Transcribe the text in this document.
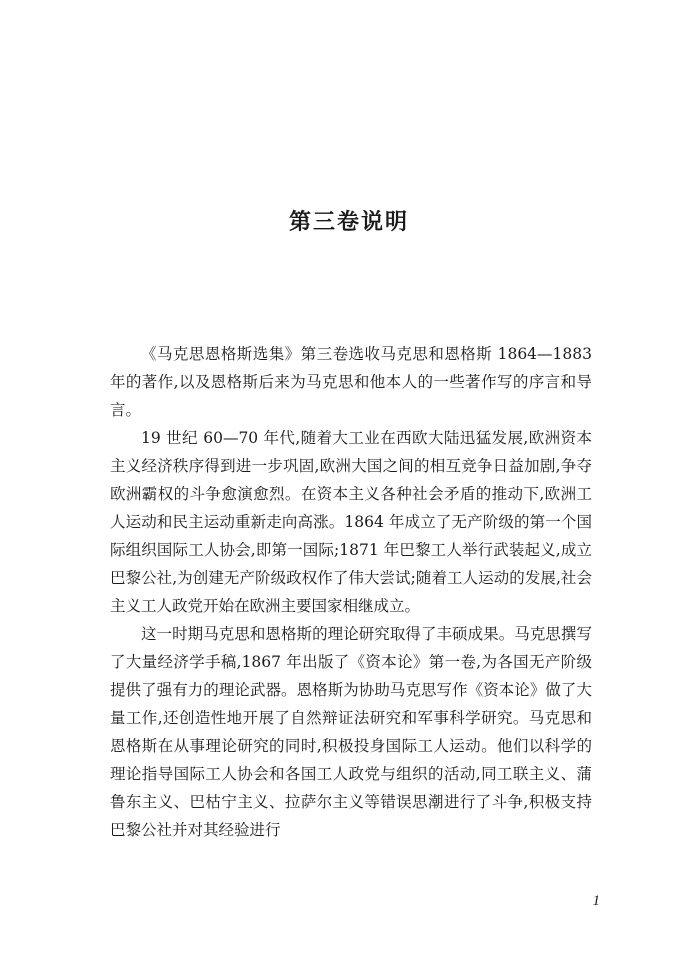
第三卷说明

《马克思恩格斯选集》第三卷选收马克思和恩格斯 1864—1883 年的著作,以及恩格斯后来为马克思和他本人的一些著作写的序言和导言。

19 世纪 60—70 年代,随着大工业在西欧大陆迅猛发展,欧洲资本主义经济秩序得到进一步巩固,欧洲大国之间的相互竞争日益加剧,争夺欧洲霸权的斗争愈演愈烈。在资本主义各种社会矛盾的推动下,欧洲工人运动和民主运动重新走向高涨。1864 年成立了无产阶级的第一个国际组织国际工人协会,即第一国际;1871 年巴黎工人举行武装起义,成立巴黎公社,为创建无产阶级政权作了伟大尝试;随着工人运动的发展,社会主义工人政党开始在欧洲主要国家相继成立。

这一时期马克思和恩格斯的理论研究取得了丰硕成果。马克思撰写了大量经济学手稿,1867 年出版了《资本论》第一卷,为各国无产阶级提供了强有力的理论武器。恩格斯为协助马克思写作《资本论》做了大量工作,还创造性地开展了自然辩证法研究和军事科学研究。马克思和恩格斯在从事理论研究的同时,积极投身国际工人运动。他们以科学的理论指导国际工人协会和各国工人政党与组织的活动,同工联主义、蒲鲁东主义、巴枯宁主义、拉萨尔主义等错误思潮进行了斗争,积极支持巴黎公社并对其经验进行

1
